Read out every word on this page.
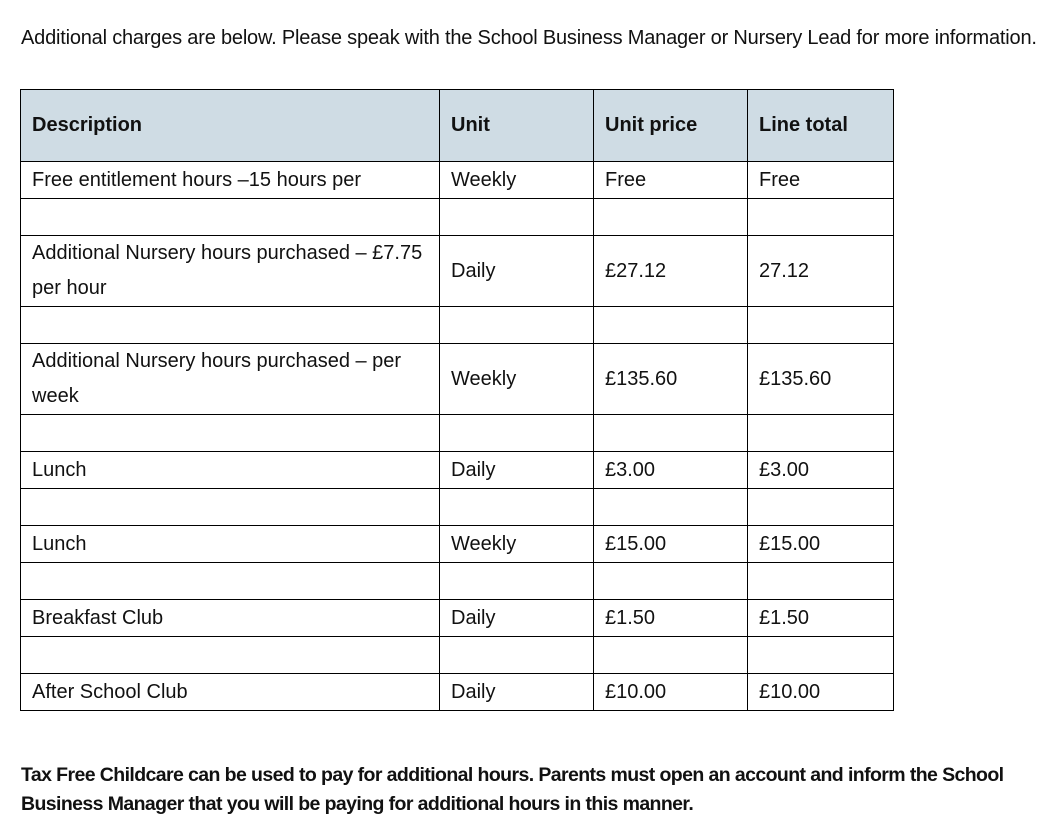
Additional charges are below. Please speak with the School Business Manager or Nursery Lead for more information.

Description	Unit	Unit price	Line total
Free entitlement hours –15 hours per	Weekly	Free	Free

Additional Nursery hours purchased – £7.75 per hour	Daily	£27.12	27.12

Additional Nursery hours purchased – per week	Weekly	£135.60	£135.60

Lunch	Daily	£3.00	£3.00

Lunch	Weekly	£15.00	£15.00

Breakfast Club	Daily	£1.50	£1.50

After School Club	Daily	£10.00	£10.00

Tax Free Childcare can be used to pay for additional hours. Parents must open an account and inform the School Business Manager that you will be paying for additional hours in this manner.
